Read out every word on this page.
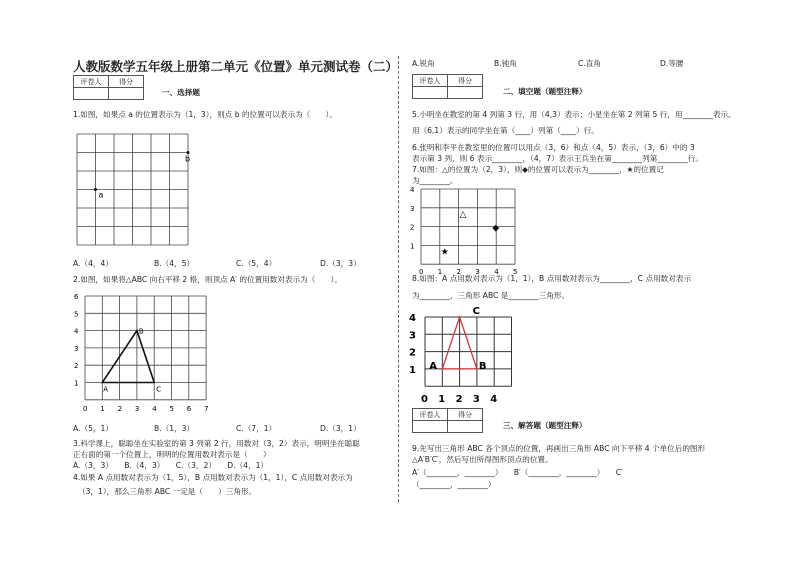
人教版数学五年级上册第二单元《位置》单元测试卷（二）
评卷人	得分

一、选择题
1.如图，如果点 a 的位置表示为（1，3），则点 b 的位置可以表示为（　　）。
a
b
A.（4，4）	B.（4，5）	C.（5，4）	D.（3，3）
2.如图，如果将△ABC 向右平移 2 格，则顶点 A′ 的位置用数对表示为（　　）。
0 1 2 3 4 5 6 7
1
2
3
4
5
6
A
B
C
A.（5，1）	B.（1，3）	C.（7，1）	D.（3，1）
3.科学课上，聪聪坐在实验室的第 3 列第 2 行，用数对（3，2）表示，明明坐在聪聪
正右面的第一个位置上，明明的位置用数对表示是（　　）
A.（3，3）　　B.（4，3）　　C.（3，2）　　D.（4，1）
4.如果 A 点用数对表示为（1，5），B 点用数对表示为（1，1），C 点用数对表示为
（3，1），那么三角形 ABC 一定是（　　）三角形。
A.锐角	B.钝角	C.直角	D.等腰
评卷人	得分

二、填空题（题型注释）
5.小明坐在教室的第 4 列第 3 行，用（4,3）表示；小星坐在第 2 列第 5 行，用________表示。
用（6,1）表示的同学坐在第（____）列第（____）行。
6.张明和李平在教室里的位置可以用点（3，6）和点（4，5）表示，（3，6）中的 3
表示第 3 列，则 6 表示________，（4，7）表示王兵坐在第________列第________行。
7.如图：△的位置为（2，3），则◆的位置可以表示为________，★的位置记
为________。
0 1 2 3 4 5
1
2
3
4
△
◆
★
8.如图：A 点用数对表示为（1，1），B 点用数对表示为________，C 点用数对表示
为________，三角形 ABC 是________三角形。
0 1 2 3 4
1
2
3
4
A	B
C
评卷人	得分

三、解答题（题型注释）
9.先写出三角形 ABC 各个顶点的位置，再画出三角形 ABC 向下平移 4 个单位后的图形
△A′B′C′，然后写出所得图形顶点的位置。
A′（________，________）　　B′（________，________）　　C′
（________，________）
